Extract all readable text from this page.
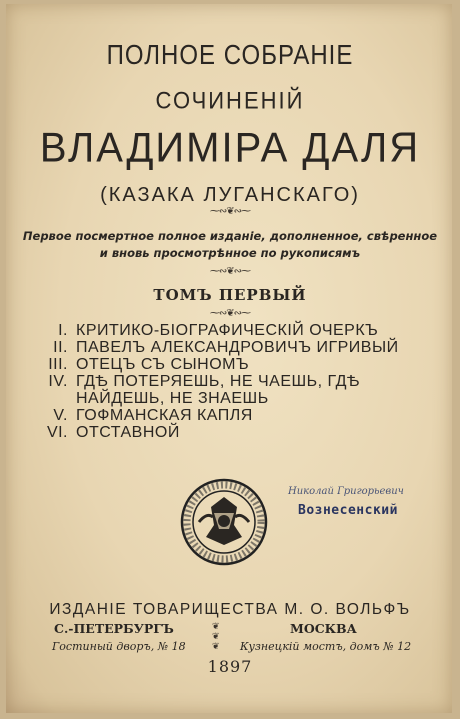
ПОЛНОЕ СОБРАНІЕ
СОЧИНЕНІЙ
ВЛАДИМІРА ДАЛЯ
(КАЗАКА ЛУГАНСКАГО)
⁓∾❦∾⁓
Первое посмертное полное изданіе, дополненное, свѣренное
и вновь просмотрѣнное по рукописямъ
⁓∾❦∾⁓
ТОМЪ ПЕРВЫЙ
⁓∾❦∾⁓
I. КРИТИКО-БІОГРАФИЧЕСКІЙ ОЧЕРКЪ
II. ПАВЕЛЪ АЛЕКСАНДРОВИЧЪ ИГРИВЫЙ
III. ОТЕЦЪ СЪ СЫНОМЪ
IV. ГДѢ ПОТЕРЯЕШЬ, НЕ ЧАЕШЬ, ГДѢ
НАЙДЕШЬ, НЕ ЗНАЕШЬ
V. ГОФМАНСКАЯ КАПЛЯ
VI. ОТСТАВНОЙ
Николай Григорьевич
Вознесенский
ИЗДАНІЕ ТОВАРИЩЕСТВА М. О. ВОЛЬФЪ
С.-ПЕТЕРБУРГЪ	МОСКВА
❦
❦
❦
Гостиный дворъ, № 18	Кузнецкій мостъ, домъ № 12
1897
